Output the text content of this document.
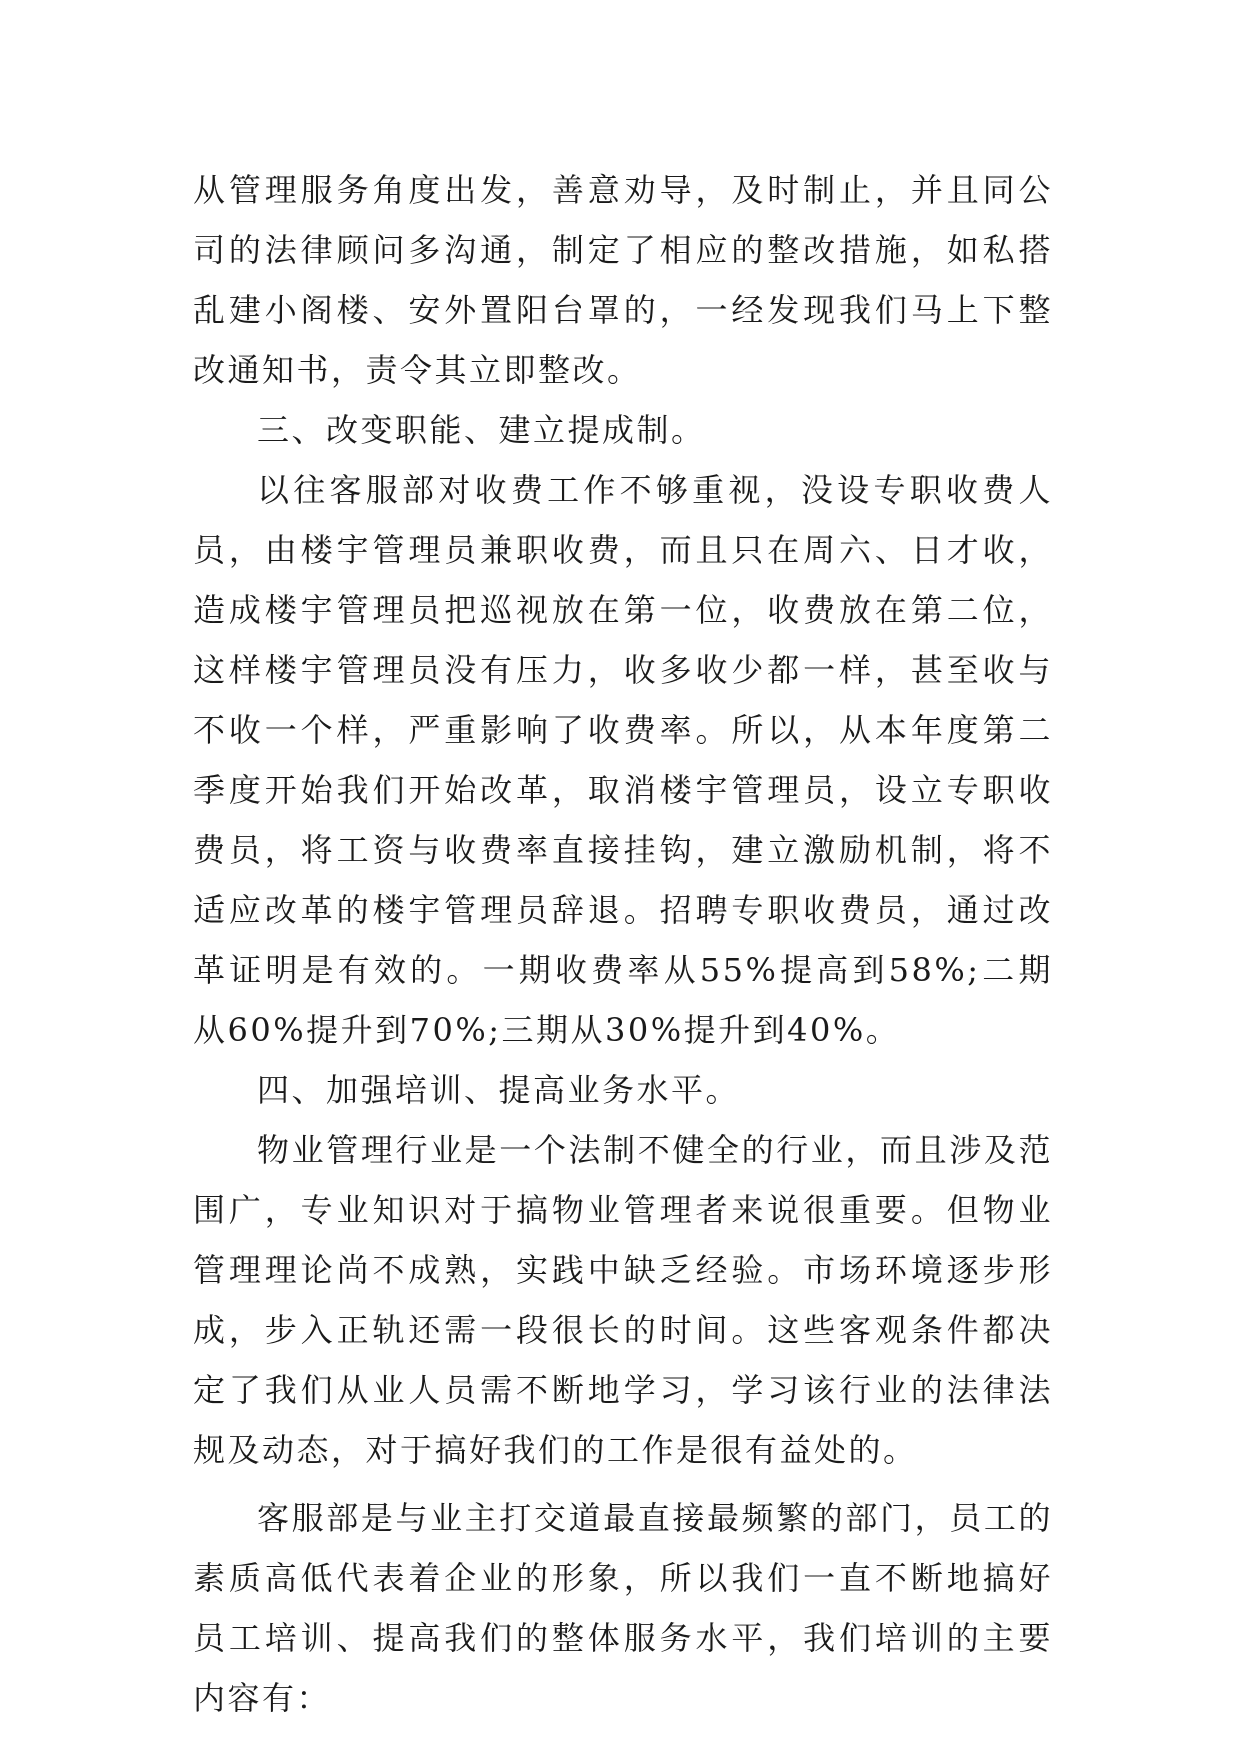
从管理服务角度出发，善意劝导，及时制止，并且同公司的法律顾问多沟通，制定了相应的整改措施，如私搭乱建小阁楼、安外置阳台罩的，一经发现我们马上下整改通知书，责令其立即整改。

三、改变职能、建立提成制。

以往客服部对收费工作不够重视，没设专职收费人员，由楼宇管理员兼职收费，而且只在周六、日才收，造成楼宇管理员把巡视放在第一位，收费放在第二位，这样楼宇管理员没有压力，收多收少都一样，甚至收与不收一个样，严重影响了收费率。所以，从本年度第二季度开始我们开始改革，取消楼宇管理员，设立专职收费员，将工资与收费率直接挂钩，建立激励机制，将不适应改革的楼宇管理员辞退。招聘专职收费员，通过改革证明是有效的。一期收费率从55%提高到58%;二期从60%提升到70%;三期从30%提升到40%。

四、加强培训、提高业务水平。

物业管理行业是一个法制不健全的行业，而且涉及范围广，专业知识对于搞物业管理者来说很重要。但物业管理理论尚不成熟，实践中缺乏经验。市场环境逐步形成，步入正轨还需一段很长的时间。这些客观条件都决定了我们从业人员需不断地学习，学习该行业的法律法规及动态，对于搞好我们的工作是很有益处的。

客服部是与业主打交道最直接最频繁的部门，员工的素质高低代表着企业的形象，所以我们一直不断地搞好员工培训、提高我们的整体服务水平，我们培训的主要内容有：
